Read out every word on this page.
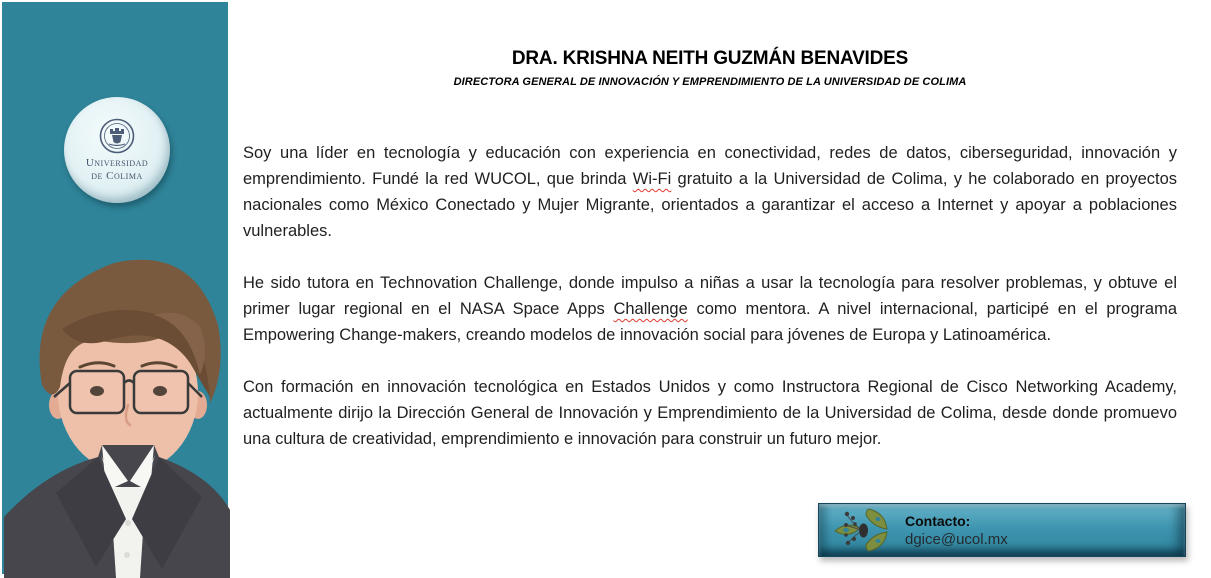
Universidad
de Colima
DRA. KRISHNA NEITH GUZMÁN BENAVIDES
DIRECTORA GENERAL DE INNOVACIÓN Y EMPRENDIMIENTO DE LA UNIVERSIDAD DE COLIMA

Soy una líder en tecnología y educación con experiencia en conectividad, redes de datos, ciberseguridad, innovación y emprendimiento. Fundé la red WUCOL, que brinda Wi-Fi gratuito a la Universidad de Colima, y he colaborado en proyectos nacionales como México Conectado y Mujer Migrante, orientados a garantizar el acceso a Internet y apoyar a poblaciones vulnerables.

He sido tutora en Technovation Challenge, donde impulso a niñas a usar la tecnología para resolver problemas, y obtuve el primer lugar regional en el NASA Space Apps Challenge como mentora. A nivel internacional, participé en el programa Empowering Change-makers, creando modelos de innovación social para jóvenes de Europa y Latinoamérica.

Con formación en innovación tecnológica en Estados Unidos y como Instructora Regional de Cisco Networking Academy, actualmente dirijo la Dirección General de Innovación y Emprendimiento de la Universidad de Colima, desde donde promuevo una cultura de creatividad, emprendimiento e innovación para construir un futuro mejor.

Contacto:
dgice@ucol.mx
